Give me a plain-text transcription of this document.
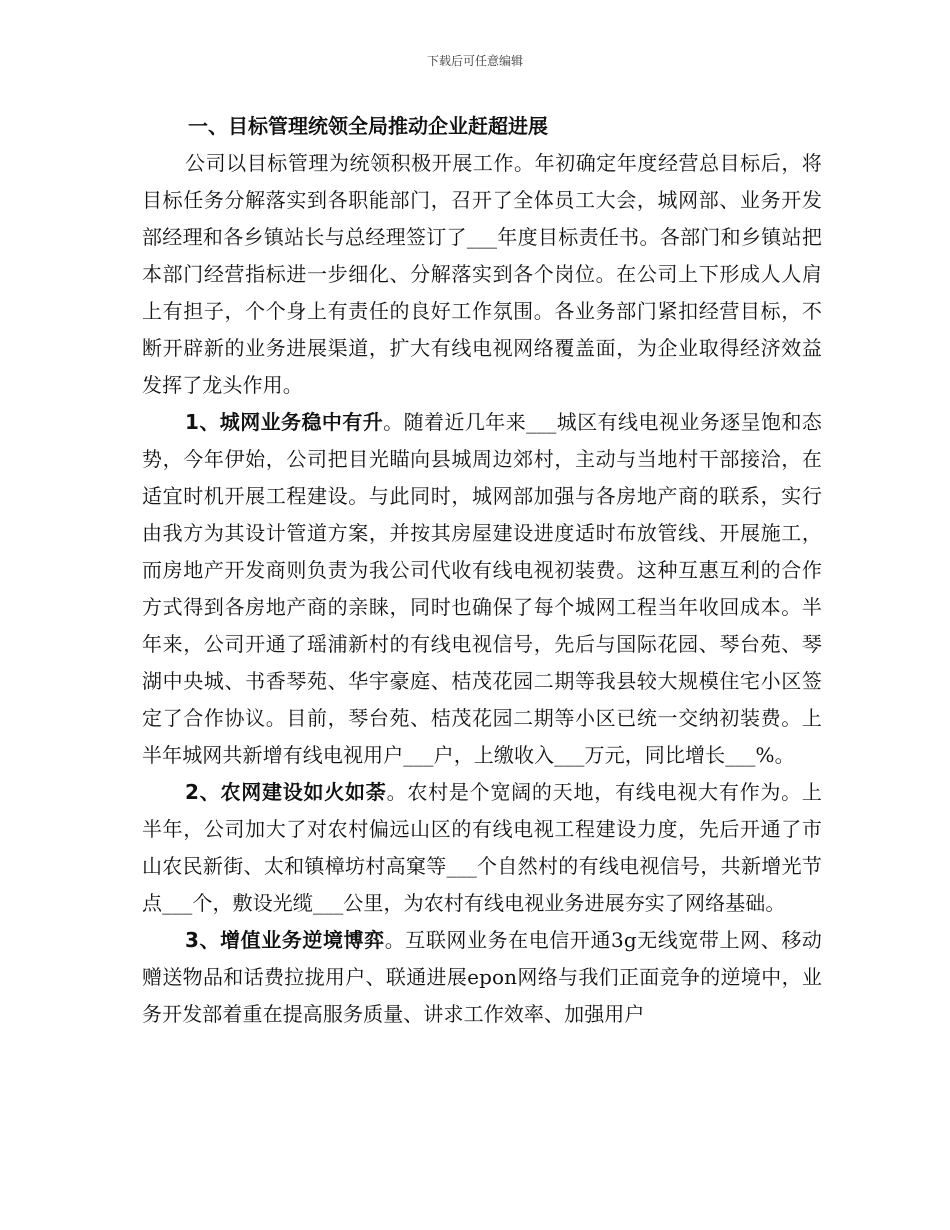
下载后可任意编辑

一、目标管理统领全局推动企业赶超进展

公司以目标管理为统领积极开展工作。年初确定年度经营总目标后，将目标任务分解落实到各职能部门，召开了全体员工大会，城网部、业务开发部经理和各乡镇站长与总经理签订了___年度目标责任书。各部门和乡镇站把本部门经营指标进一步细化、分解落实到各个岗位。在公司上下形成人人肩上有担子，个个身上有责任的良好工作氛围。各业务部门紧扣经营目标，不断开辟新的业务进展渠道，扩大有线电视网络覆盖面，为企业取得经济效益发挥了龙头作用。

1、城网业务稳中有升。随着近几年来___城区有线电视业务逐呈饱和态势，今年伊始，公司把目光瞄向县城周边郊村，主动与当地村干部接洽，在适宜时机开展工程建设。与此同时，城网部加强与各房地产商的联系，实行由我方为其设计管道方案，并按其房屋建设进度适时布放管线、开展施工，而房地产开发商则负责为我公司代收有线电视初装费。这种互惠互利的合作方式得到各房地产商的亲睐，同时也确保了每个城网工程当年收回成本。半年来，公司开通了瑶浦新村的有线电视信号，先后与国际花园、琴台苑、琴湖中央城、书香琴苑、华宇豪庭、桔茂花园二期等我县较大规模住宅小区签定了合作协议。目前，琴台苑、桔茂花园二期等小区已统一交纳初装费。上半年城网共新增有线电视用户___户，上缴收入___万元，同比增长___%。

2、农网建设如火如荼。农村是个宽阔的天地，有线电视大有作为。上半年，公司加大了对农村偏远山区的有线电视工程建设力度，先后开通了市山农民新街、太和镇樟坊村高窠等___个自然村的有线电视信号，共新增光节点___个，敷设光缆___公里，为农村有线电视业务进展夯实了网络基础。

3、增值业务逆境博弈。互联网业务在电信开通3g无线宽带上网、移动赠送物品和话费拉拢用户、联通进展epon网络与我们正面竞争的逆境中，业务开发部着重在提高服务质量、讲求工作效率、加强用户
